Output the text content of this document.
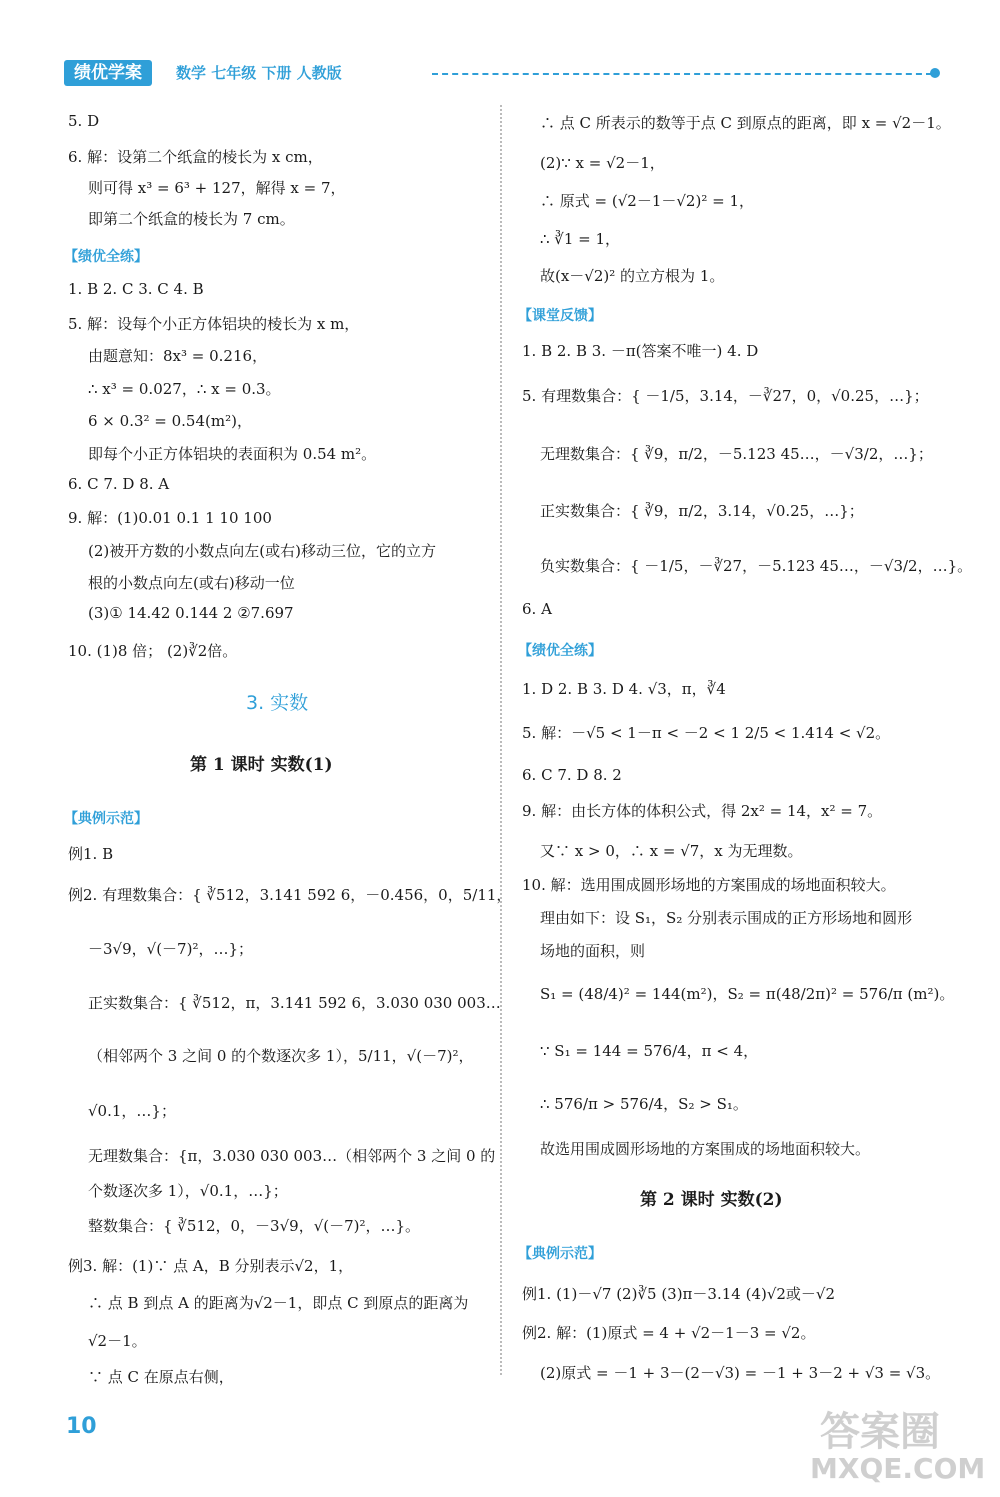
绩优学案	数学 七年级 下册 人教版
5. D
6. 解：设第二个纸盒的棱长为 x cm，
则可得 x³ = 6³ + 127，解得 x = 7，
即第二个纸盒的棱长为 7 cm。
【绩优全练】
1. B 2. C 3. C 4. B
5. 解：设每个小正方体铝块的棱长为 x m，
由题意知：8x³ = 0.216，
∴ x³ = 0.027，∴ x = 0.3。
6 × 0.3² = 0.54(m²)，
即每个小正方体铝块的表面积为 0.54 m²。
6. C 7. D 8. A
9. 解：(1)0.01 0.1 1 10 100
(2)被开方数的小数点向左(或右)移动三位，它的立方
根的小数点向左(或右)移动一位
(3)① 14.42 0.144 2 ②7.697
10. (1)8 倍； (2)∛2倍。
3. 实数
第 1 课时 实数(1)
【典例示范】
例1. B
例2. 有理数集合：{ ∛512，3.141 592 6，－0.456，0，5/11，
－3√9，√(－7)²，…}；
正实数集合：{ ∛512，π，3.141 592 6，3.030 030 003…
（相邻两个 3 之间 0 的个数逐次多 1），5/11，√(－7)²，
√0.1，…}；
无理数集合：{π，3.030 030 003…（相邻两个 3 之间 0 的
个数逐次多 1），√0.1，…}；
整数集合：{ ∛512，0，－3√9，√(－7)²，…}。
例3. 解：(1)∵ 点 A，B 分别表示√2，1，
∴ 点 B 到点 A 的距离为√2－1，即点 C 到原点的距离为
√2－1。
∵ 点 C 在原点右侧，
∴ 点 C 所表示的数等于点 C 到原点的距离，即 x = √2－1。
(2)∵ x = √2－1，
∴ 原式 = (√2－1－√2)² = 1，
∴ ∛1 = 1，
故(x－√2)² 的立方根为 1。
【课堂反馈】
1. B 2. B 3. －π(答案不唯一) 4. D
5. 有理数集合：{ －1/5，3.14，－∛27，0，√0.25，…}；
无理数集合：{ ∛9，π/2，－5.123 45…，－√3/2，…}；
正实数集合：{ ∛9，π/2，3.14，√0.25，…}；
负实数集合：{ －1/5，－∛27，－5.123 45…，－√3/2，…}。
6. A
【绩优全练】
1. D 2. B 3. D 4. √3，π，∛4
5. 解：－√5 < 1－π < －2 < 1 2/5 < 1.414 < √2。
6. C 7. D 8. 2
9. 解：由长方体的体积公式，得 2x² = 14，x² = 7。
又∵ x > 0，∴ x = √7，x 为无理数。
10. 解：选用围成圆形场地的方案围成的场地面积较大。
理由如下：设 S₁，S₂ 分别表示围成的正方形场地和圆形
场地的面积，则
S₁ = (48/4)² = 144(m²)，S₂ = π(48/2π)² = 576/π (m²)。
∵ S₁ = 144 = 576/4，π < 4，
∴ 576/π > 576/4，S₂ > S₁。
故选用围成圆形场地的方案围成的场地面积较大。
第 2 课时 实数(2)
【典例示范】
例1. (1)－√7 (2)∛5 (3)π－3.14 (4)√2或－√2
例2. 解：(1)原式 = 4 + √2－1－3 = √2。
(2)原式 = －1 + 3－(2－√3) = －1 + 3－2 + √3 = √3。
10	答案圈
MXQE.COM
